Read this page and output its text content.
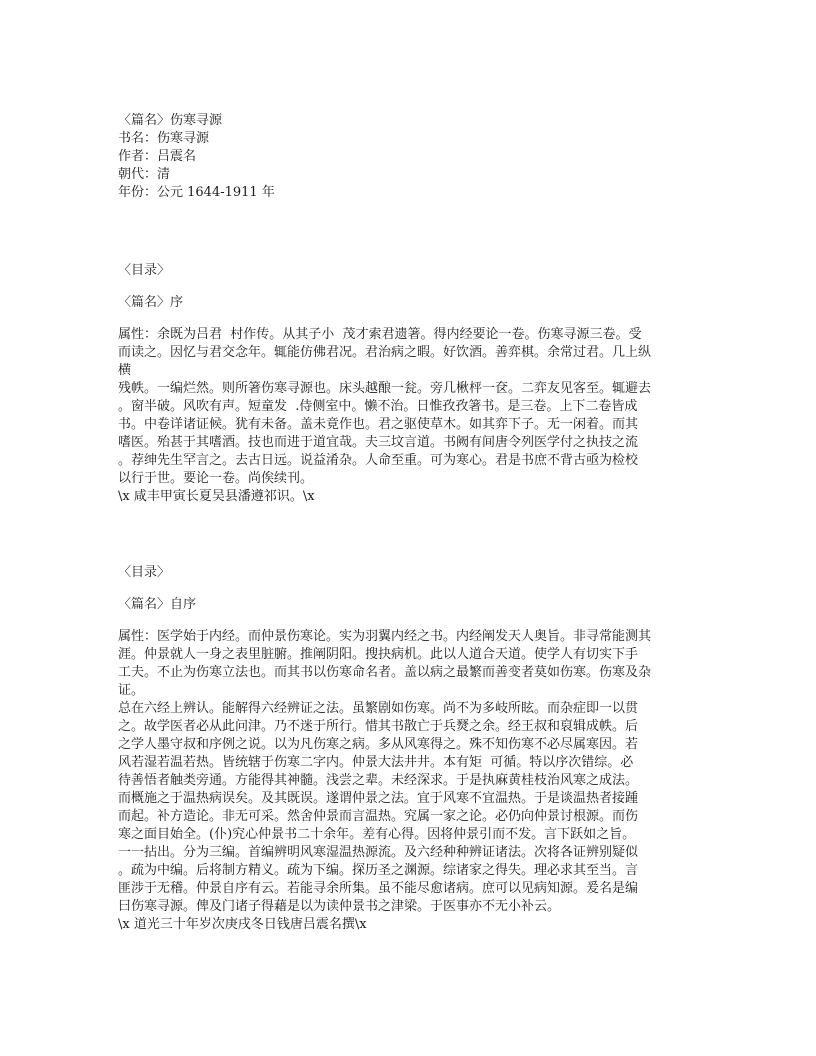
〈篇名〉伤寒寻源

书名：伤寒寻源

作者：吕震名

朝代：清

年份：公元 1644-1911 年

〈目录〉

〈篇名〉序

属性：余既为吕君  村作传。从其子小  茂才索君遗箸。得内经要论一卷。伤寒寻源三卷。受

而读之。因忆与君交念年。辄能仿佛君况。君治病之暇。好饮酒。善弈棋。余常过君。几上纵

横

残帙。一编烂然。则所箸伤寒寻源也。床头越酿一瓮。旁几楸枰一奁。二弈友见客至。辄避去

。窗半破。风吹有声。短童发  .侍侧室中。懒不治。日惟孜孜箸书。是三卷。上下二卷皆成

书。中卷详诸证候。犹有未备。盖未竟作也。君之驱使草木。如其弈下子。无一闲着。而其

嗜医。殆甚于其嗜酒。技也而进于道宜哉。夫三坟言道。书阙有间唐令列医学付之执技之流

。荐绅先生罕言之。去古日远。说益淆杂。人命至重。可为寒心。君是书庶不背古亟为检校

以行于世。要论一卷。尚俟续刊。

\x 咸丰甲寅长夏吴县潘遵祁识。\x

〈目录〉

〈篇名〉自序

属性：医学始于内经。而仲景伤寒论。实为羽翼内经之书。内经阐发天人奥旨。非寻常能测其

涯。仲景就人一身之表里脏腑。推阐阴阳。搜抉病机。此以人道合天道。使学人有切实下手

工夫。不止为伤寒立法也。而其书以伤寒命名者。盖以病之最繁而善变者莫如伤寒。伤寒及杂

证。

总在六经上辨认。能解得六经辨证之法。虽繁剧如伤寒。尚不为多岐所眩。而杂症即一以贯

之。故学医者必从此问津。乃不迷于所行。惜其书散亡于兵燹之余。经王叔和裒辑成帙。后

之学人墨守叔和序例之说。以为凡伤寒之病。多从风寒得之。殊不知伤寒不必尽属寒因。若

风若湿若温若热。皆统辖于伤寒二字内。仲景大法井井。本有矩  可循。特以序次错综。必

待善悟者触类旁通。方能得其神髓。浅尝之辈。未经深求。于是执麻黄桂枝治风寒之成法。

而概施之于温热病误矣。及其既误。遂谓仲景之法。宜于风寒不宜温热。于是谈温热者接踵

而起。补方造论。非无可采。然舍仲景而言温热。究属一家之论。必仍向仲景讨根源。而伤

寒之面目始全。(仆)究心仲景书二十余年。差有心得。因将仲景引而不发。言下跃如之旨。

一一拈出。分为三编。首编辨明风寒湿温热源流。及六经种种辨证诸法。次将各证辨别疑似

。疏为中编。后将制方精义。疏为下编。探历圣之渊源。综诸家之得失。理必求其至当。言

匪涉于无稽。仲景自序有云。若能寻余所集。虽不能尽愈诸病。庶可以见病知源。爰名是编

曰伤寒寻源。俾及门诸子得藉是以为读仲景书之津梁。于医事亦不无小补云。

\x 道光三十年岁次庚戌冬日钱唐吕震名撰\x
